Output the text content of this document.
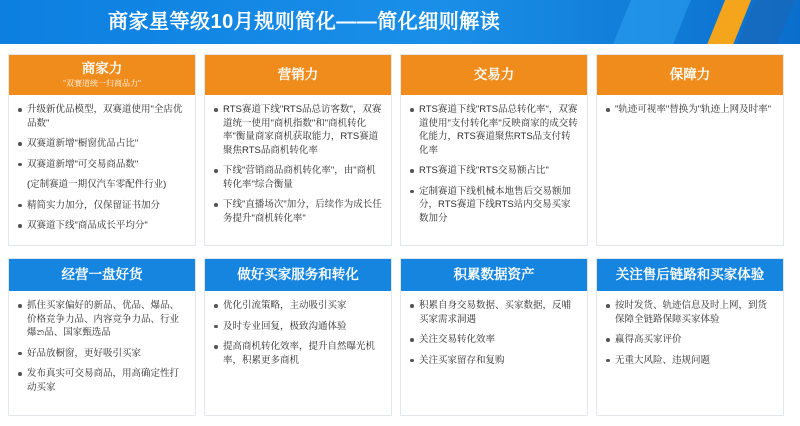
商家星等级10月规则简化——简化细则解读
商家力
"双赛道统一归商品力"
升级新优品模型，双赛道使用"全店优品数"
双赛道新增"橱窗优品占比"
双赛道新增"可交易商品数"
(定制赛道一期仅汽车零配件行业)
精简实力加分，仅保留证书加分
双赛道下线"商品成长平均分"
营销力
RTS赛道下线"RTS品总访客数"，双赛道统一使用"商机指数"和"商机转化率"衡量商家商机获取能力，RTS赛道聚焦RTS品商机转化率
下线"营销商品商机转化率"，由"商机转化率"综合衡量
下线"直播场次"加分，后续作为成长任务提升"商机转化率"
交易力
RTS赛道下线"RTS品总转化率"，双赛道使用"支付转化率"反映商家的成交转化能力，RTS赛道聚焦RTS品支付转化率
RTS赛道下线"RTS交易额占比"
定制赛道下线机械本地售后交易额加分，RTS赛道下线RTS站内交易买家数加分
保障力
"轨迹可视率"替换为"轨迹上网及时率"
经营一盘好货
抓住买家偏好的新品、优品、爆品、价格竞争力品、内容竞争力品、行业爆න品、国家甄选品
好品放橱窗，更好吸引买家
发布真实可交易商品，用高确定性打动买家
做好买家服务和转化
优化引流策略，主动吸引买家
及时专业回复，极致沟通体验
提高商机转化效率，提升自然曝光机率，积累更多商机
积累数据资产
积累自身交易数据、买家数据，反哺买家需求洞遇
关注交易转化效率
关注买家留存和复购
关注售后链路和买家体验
按时发货、轨迹信息及时上网，到货保障全链路保障买家体验
赢得高买家评价
无重大风险、违规问题
